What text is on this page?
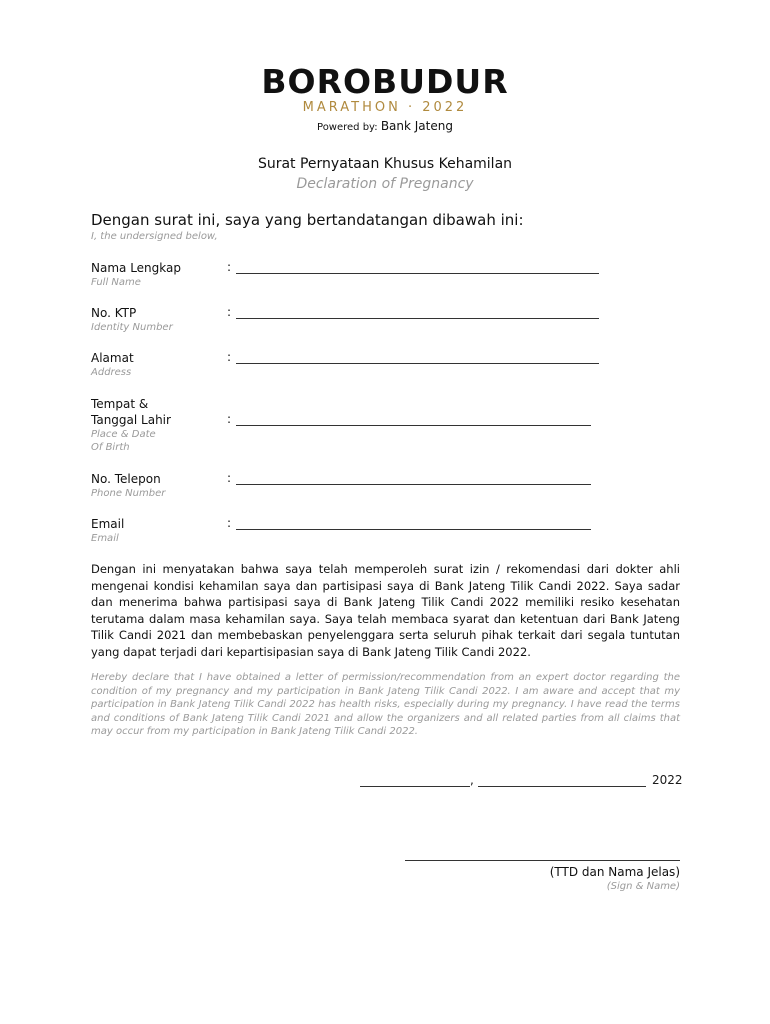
BOROBUDUR
MARATHON · 2022
Powered by: Bank Jateng
Surat Pernyataan Khusus Kehamilan
Declaration of Pregnancy
Dengan surat ini, saya yang bertandatangan dibawah ini:
I, the undersigned below,
Nama Lengkap
Full Name
:
No. KTP
Identity Number
:
Alamat
Address
:
Tempat &
Tanggal Lahir
Place & Date
Of Birth
:
No. Telepon
Phone Number
:
Email
Email
:
Dengan ini menyatakan bahwa saya telah memperoleh surat izin / rekomendasi dari dokter ahli mengenai kondisi kehamilan saya dan partisipasi saya di Bank Jateng Tilik Candi 2022. Saya sadar dan menerima bahwa partisipasi saya di Bank Jateng Tilik Candi 2022 memiliki resiko kesehatan terutama dalam masa kehamilan saya. Saya telah membaca syarat dan ketentuan dari Bank Jateng Tilik Candi 2021 dan membebaskan penyelenggara serta seluruh pihak terkait dari segala tuntutan yang dapat terjadi dari kepartisipasian saya di Bank Jateng Tilik Candi 2022.
Hereby declare that I have obtained a letter of permission/recommendation from an expert doctor regarding the condition of my pregnancy and my participation in Bank Jateng Tilik Candi 2022. I am aware and accept that my participation in Bank Jateng Tilik Candi 2022 has health risks, especially during my pregnancy. I have read the terms and conditions of Bank Jateng Tilik Candi 2021 and allow the organizers and all related parties from all claims that may occur from my participation in Bank Jateng Tilik Candi 2022.
,	2022
(TTD dan Nama Jelas)
(Sign & Name)
